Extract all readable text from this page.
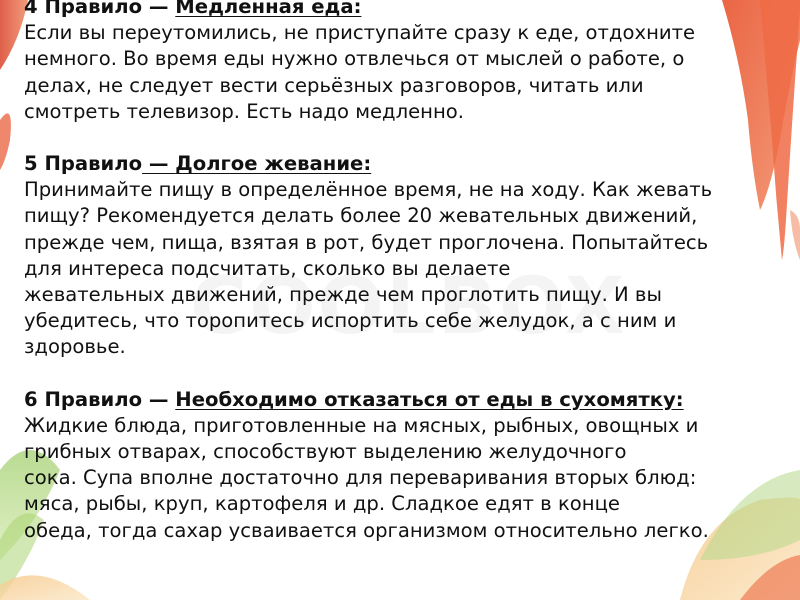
4 Правило — Медленная еда:
Если вы переутомились, не приступайте сразу к еде, отдохните
немного. Во время еды нужно отвлечься от мыслей о работе, о
делах, не следует вести серьёзных разговоров, читать или
смотреть телевизор. Есть надо медленно.
5 Правило — Долгое жевание:
Принимайте пищу в определённое время, не на ходу. Как жевать
пищу? Рекомендуется делать более 20 жевательных движений,
прежде чем, пища, взятая в рот, будет проглочена. Попытайтесь
для интереса подсчитать, сколько вы делаете
жевательных движений, прежде чем проглотить пищу. И вы
убедитесь, что торопитесь испортить себе желудок, а с ним и
здоровье.
6 Правило — Необходимо отказаться от еды в сухомятку:
Жидкие блюда, приготовленные на мясных, рыбных, овощных и
грибных отварах, способствуют выделению желудочного
сока. Супа вполне достаточно для переваривания вторых блюд:
мяса, рыбы, круп, картофеля и др. Сладкое едят в конце
обеда, тогда сахар усваивается организмом относительно легко.
